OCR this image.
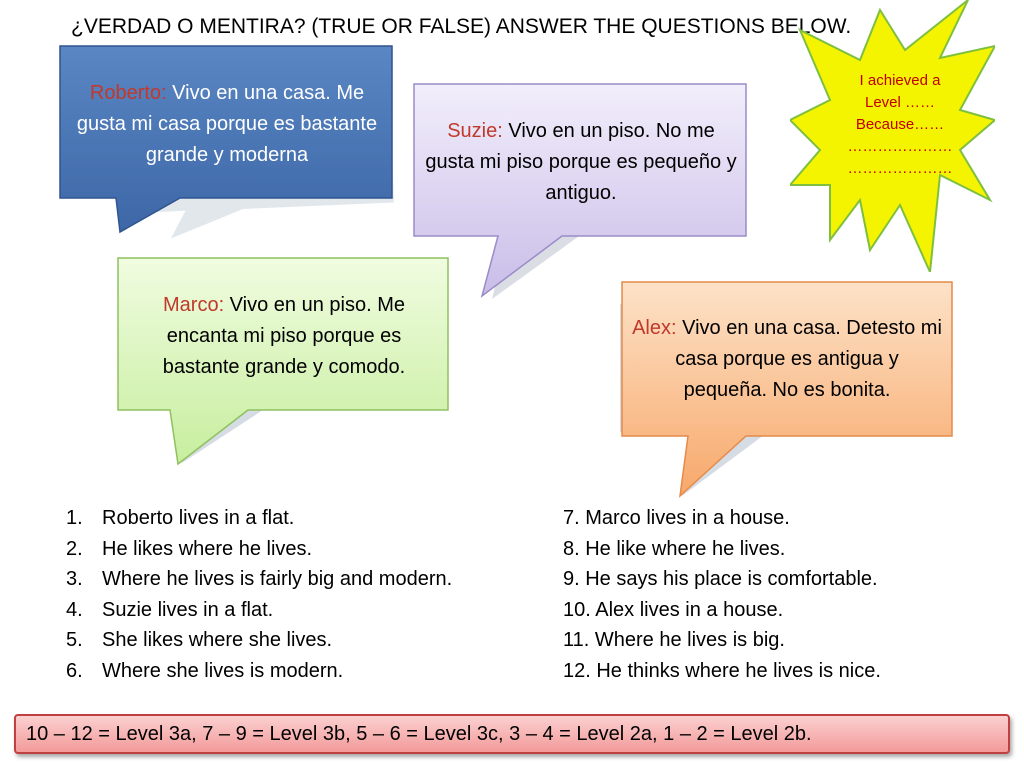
¿VERDAD O MENTIRA? (TRUE OR FALSE) ANSWER THE QUESTIONS BELOW.
Roberto: Vivo en una casa. Me gusta mi casa porque es bastante grande y moderna
Suzie: Vivo en un piso. No me gusta mi piso porque es pequeño y antiguo.
Marco: Vivo en un piso. Me encanta mi piso porque es bastante grande y comodo.
Alex: Vivo en una casa. Detesto mi casa porque es antigua y pequeña. No es bonita.
I achieved a
Level ……
Because……
…………………
…………………
1. Roberto lives in a flat.
2. He likes where he lives.
3. Where he lives is fairly big and modern.
4. Suzie lives in a flat.
5. She likes where she lives.
6. Where she lives is modern.
7. Marco lives in a house.
8. He like where he lives.
9. He says his place is comfortable.
10. Alex lives in a house.
11. Where he lives is big.
12. He thinks where he lives is nice.
10 – 12 = Level 3a, 7 – 9 = Level 3b, 5 – 6 = Level 3c, 3 – 4 = Level 2a, 1 – 2 = Level 2b.
